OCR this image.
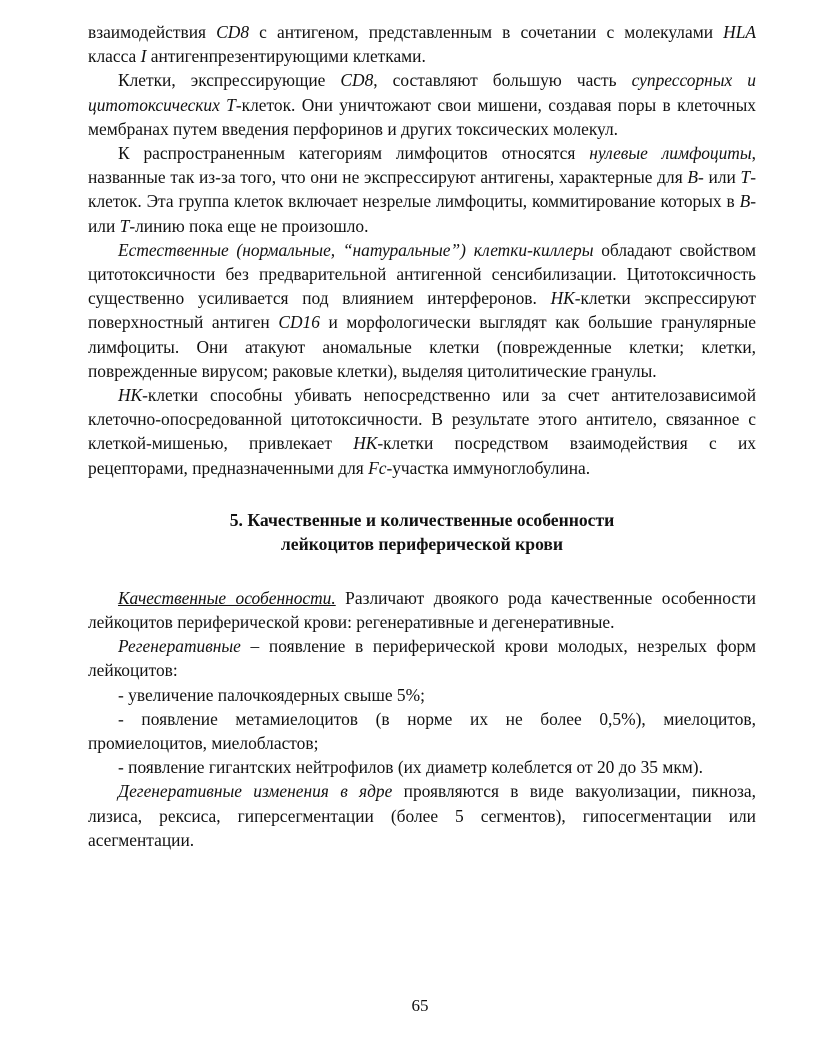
взаимодействия CD8 с антигеном, представленным в сочетании с молекулами HLA класса I антигенпрезентирующими клетками.

Клетки, экспрессирующие CD8, составляют большую часть супрессорных и цитотоксических T-клеток. Они уничтожают свои мишени, создавая поры в клеточных мембранах путем введения перфоринов и других токсических молекул.

К распространенным категориям лимфоцитов относятся нулевые лимфоциты, названные так из-за того, что они не экспрессируют антигены, характерные для B- или T-клеток. Эта группа клеток включает незрелые лимфоциты, коммитирование которых в B- или T-линию пока еще не произошло.

Естественные (нормальные, “натуральные”) клетки-киллеры обладают свойством цитотоксичности без предварительной антигенной сенсибилизации. Цитотоксичность существенно усиливается под влиянием интерферонов. НК-клетки экспрессируют поверхностный антиген CD16 и морфологически выглядят как большие гранулярные лимфоциты. Они атакуют аномальные клетки (поврежденные клетки; клетки, поврежденные вирусом; раковые клетки), выделяя цитолитические гранулы.

НК-клетки способны убивать непосредственно или за счет антителозависимой клеточно-опосредованной цитотоксичности. В результате этого антитело, связанное с клеткой-мишенью, привлекает НК-клетки посредством взаимодействия с их рецепторами, предназначенными для Fc-участка иммуноглобулина.

5. Качественные и количественные особенности
лейкоцитов периферической крови

Качественные особенности. Различают двоякого рода качественные особенности лейкоцитов периферической крови: регенеративные и дегенеративные.

Регенеративные – появление в периферической крови молодых, незрелых форм лейкоцитов:

- увеличение палочкоядерных свыше 5%;

- появление метамиелоцитов (в норме их не более 0,5%), миелоцитов, промиелоцитов, миелобластов;

- появление гигантских нейтрофилов (их диаметр колеблется от 20 до 35 мкм).

Дегенеративные изменения в ядре проявляются в виде вакуолизации, пикноза, лизиса, рексиса, гиперсегментации (более 5 сегментов), гипосегментации или асегментации.

65
